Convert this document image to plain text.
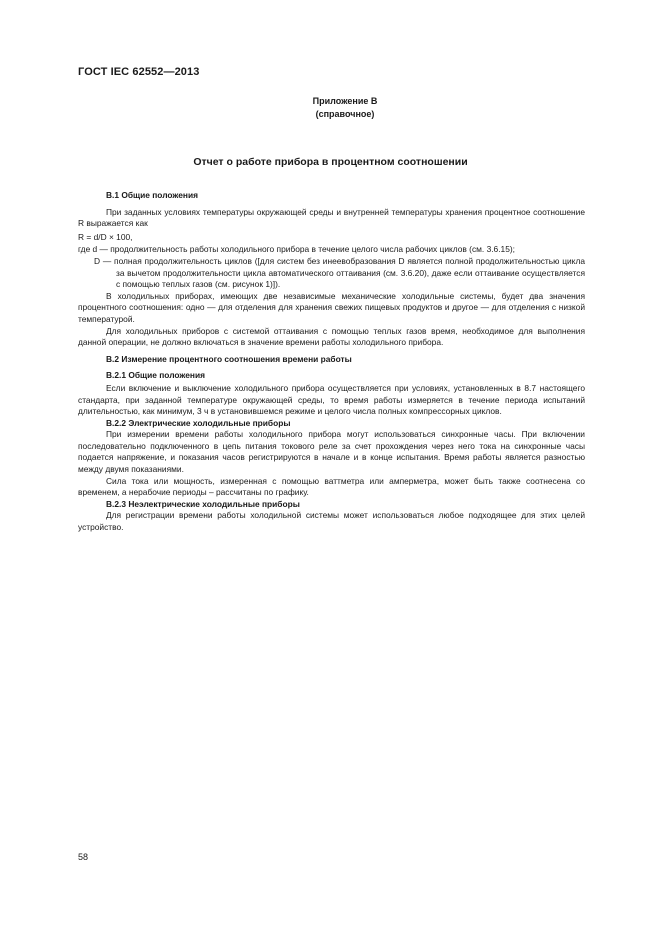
ГОСТ IEC 62552—2013
Приложение В
(справочное)
Отчет о работе прибора в процентном соотношении

В.1 Общие положения

При заданных условиях температуры окружающей среды и внутренней температуры хранения процентное соотношение R выражается как

R = d/D × 100,

где d — продолжительность работы холодильного прибора в течение целого числа рабочих циклов (см. 3.6.15);

D — полная продолжительность циклов ([для систем без инеевобразования D является полной продолжительностью цикла за вычетом продолжительности цикла автоматического оттаивания (см. 3.6.20), даже если оттаивание осуществляется с помощью теплых газов (см. рисунок 1)]).

В холодильных приборах, имеющих две независимые механические холодильные системы, будет два значения процентного соотношения: одно — для отделения для хранения свежих пищевых продуктов и другое — для отделения с низкой температурой.

Для холодильных приборов с системой оттаивания с помощью теплых газов время, необходимое для выполнения данной операции, не должно включаться в значение времени работы холодильного прибора.

В.2 Измерение процентного соотношения времени работы

В.2.1 Общие положения

Если включение и выключение холодильного прибора осуществляется при условиях, установленных в 8.7 настоящего стандарта, при заданной температуре окружающей среды, то время работы измеряется в течение периода испытаний длительностью, как минимум, 3 ч в установившемся режиме и целого числа полных компрессорных циклов.

В.2.2 Электрические холодильные приборы

При измерении времени работы холодильного прибора могут использоваться синхронные часы. При включении последовательно подключенного в цепь питания токового реле за счет прохождения через него тока на синхронные часы подается напряжение, и показания часов регистрируются в начале и в конце испытания. Время работы является разностью между двумя показаниями.

Сила тока или мощность, измеренная с помощью ваттметра или амперметра, может быть также соотнесена со временем, а нерабочие периоды – рассчитаны по графику.

В.2.3 Неэлектрические холодильные приборы

Для регистрации времени работы холодильной системы может использоваться любое подходящее для этих целей устройство.

58
